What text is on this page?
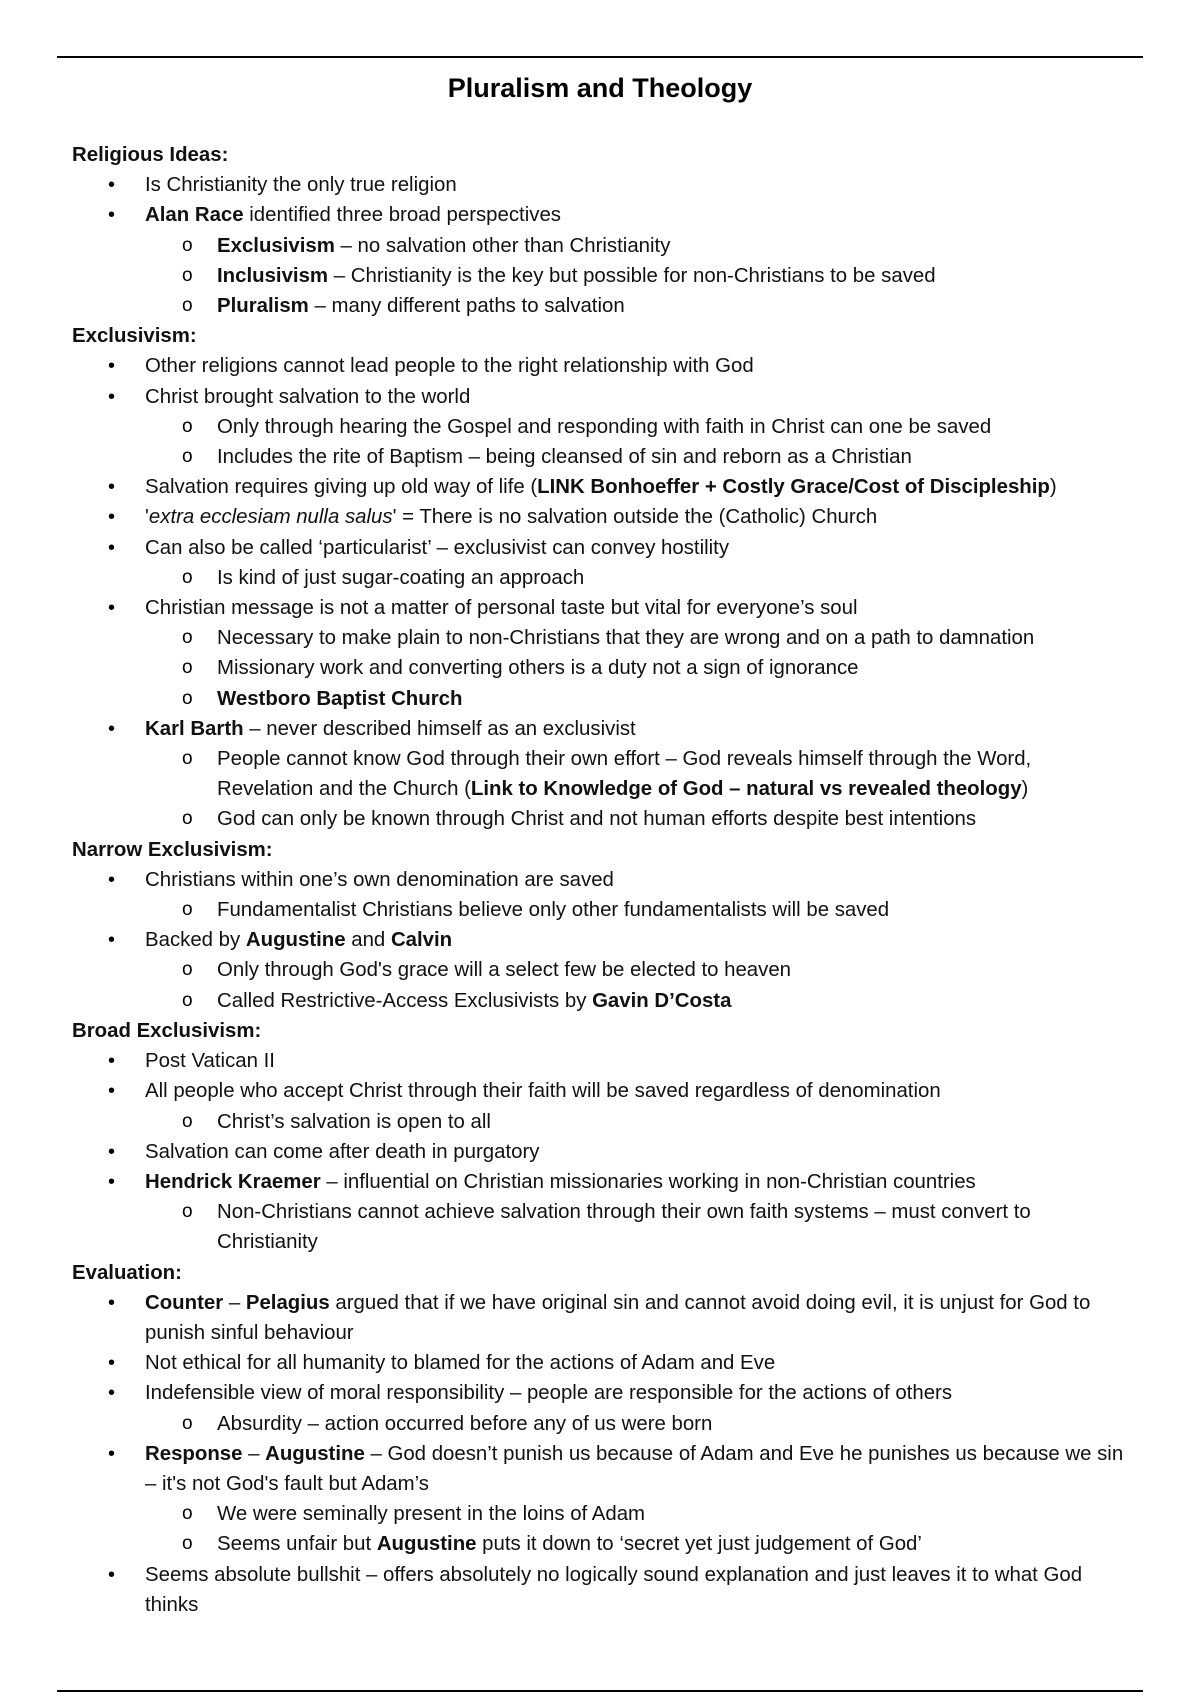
Pluralism and Theology
Religious Ideas:
• Is Christianity the only true religion
• Alan Race identified three broad perspectives
o Exclusivism – no salvation other than Christianity
o Inclusivism – Christianity is the key but possible for non-Christians to be saved
o Pluralism – many different paths to salvation
Exclusivism:
• Other religions cannot lead people to the right relationship with God
• Christ brought salvation to the world
o Only through hearing the Gospel and responding with faith in Christ can one be saved
o Includes the rite of Baptism – being cleansed of sin and reborn as a Christian
• Salvation requires giving up old way of life (LINK Bonhoeffer + Costly Grace/Cost of Discipleship)
• 'extra ecclesiam nulla salus' = There is no salvation outside the (Catholic) Church
• Can also be called ‘particularist’ – exclusivist can convey hostility
o Is kind of just sugar-coating an approach
• Christian message is not a matter of personal taste but vital for everyone’s soul
o Necessary to make plain to non-Christians that they are wrong and on a path to damnation
o Missionary work and converting others is a duty not a sign of ignorance
o Westboro Baptist Church
• Karl Barth – never described himself as an exclusivist
o People cannot know God through their own effort – God reveals himself through the Word, Revelation and the Church (Link to Knowledge of God – natural vs revealed theology)
o God can only be known through Christ and not human efforts despite best intentions
Narrow Exclusivism:
• Christians within one’s own denomination are saved
o Fundamentalist Christians believe only other fundamentalists will be saved
• Backed by Augustine and Calvin
o Only through God's grace will a select few be elected to heaven
o Called Restrictive-Access Exclusivists by Gavin D’Costa
Broad Exclusivism:
• Post Vatican II
• All people who accept Christ through their faith will be saved regardless of denomination
o Christ’s salvation is open to all
• Salvation can come after death in purgatory
• Hendrick Kraemer – influential on Christian missionaries working in non-Christian countries
o Non-Christians cannot achieve salvation through their own faith systems – must convert to Christianity
Evaluation:
• Counter – Pelagius argued that if we have original sin and cannot avoid doing evil, it is unjust for God to punish sinful behaviour
• Not ethical for all humanity to blamed for the actions of Adam and Eve
• Indefensible view of moral responsibility – people are responsible for the actions of others
o Absurdity – action occurred before any of us were born
• Response – Augustine – God doesn’t punish us because of Adam and Eve he punishes us because we sin – it's not God's fault but Adam’s
o We were seminally present in the loins of Adam
o Seems unfair but Augustine puts it down to ‘secret yet just judgement of God’
• Seems absolute bullshit – offers absolutely no logically sound explanation and just leaves it to what God thinks
